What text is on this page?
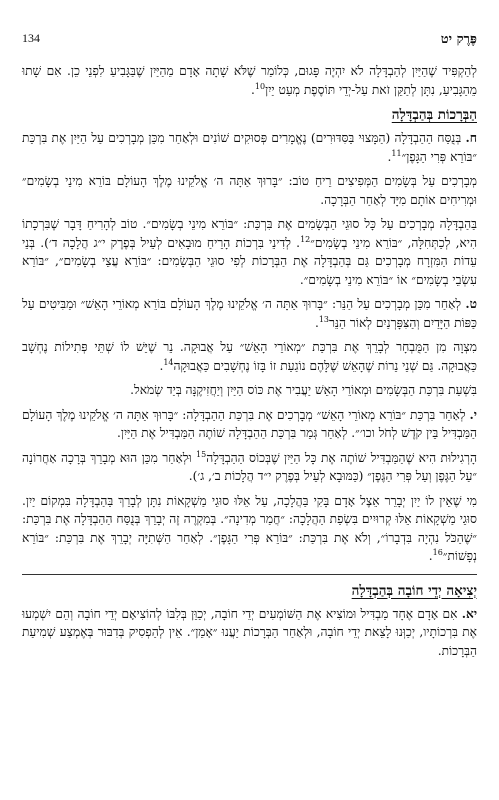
134	פֶּרֶק יט

לְהַקְפִּיד שֶׁהַיַּיִן לְהַבְדָּלָה לֹא יִהְיֶה פָּגוּם, כְּלוֹמַר שֶׁלֹּא שָׁתָה אָדָם מֵהַיַּיִן שֶׁבַּגָּבִיעַ לִפְנֵי כֵן. אִם שָׁתוּ מֵהַגָּבִיעַ, נִתָּן לְתַקֵּן זֹאת עַל-יְדֵי תּוֹסֶפֶת מְעַט יַיִן$^{10}$.

הַבְּרָכוֹת בְּהַבְדָּלָה

ח. בְּנֻסַּח הַהַבְדָּלָה (הַמָּצוּי בַּסִּדּוּרִים) נֶאֱמָרִים פְּסוּקִים שׁוֹנִים וּלְאַחַר מִכֵּן מְבָרְכִים עַל הַיַּיִן אֶת בִּרְכַּת ״בּוֹרֵא פְּרִי הַגָּפֶן״$^{11}$.

מְבָרְכִים עַל בְּשָׂמִים הַמְּפִיצִים רֵיחַ טוֹב: ״בָּרוּךְ אַתָּה ה׳ אֱלֹקֵינוּ מֶלֶךְ הָעוֹלָם בּוֹרֵא מִינֵי בְשָׂמִים״ וּמְרִיחִים אוֹתָם מִיָּד לְאַחַר הַבְּרָכָה.

בַּהַבְדָּלָה מְבָרְכִים עַל כָּל סוּגֵי הַבְּשָׂמִים אֶת בִּרְכַּת: ״בּוֹרֵא מִינֵי בְשָׂמִים״. טוֹב לְהָרִיחַ דָּבָר שֶׁבִּרְכָתוֹ הִיא, לְכַתְּחִלָּה, ״בּוֹרֵא מִינֵי בְשָׂמִים״$^{12}$. לְדִינֵי בִּרְכוֹת הָרֵיחַ מוּבָאִים לְעֵיל בְּפֶרֶק י״ג הֲלָכָה ד׳). בְּנֵי עֵדוֹת הַמִּזְרָח מְבָרְכִים גַּם בְּהַבְדָּלָה אֶת הַבְּרָכוֹת לְפִי סוּגֵי הַבְּשָׂמִים: ״בּוֹרֵא עֲצֵי בְשָׂמִים״, ״בּוֹרֵא עִשְׂבֵי בְשָׂמִים״ אוֹ ״בּוֹרֵא מִינֵי בְשָׂמִים״.

ט. לְאַחַר מִכֵּן מְבָרְכִים עַל הַנֵּר: ״בָּרוּךְ אַתָּה ה׳ אֱלֹקֵינוּ מֶלֶךְ הָעוֹלָם בּוֹרֵא מְאוֹרֵי הָאֵשׁ״ וּמַבִּיטִים עַל כַּפּוֹת הַיָּדַיִם וְהַצִּפָּרְנַיִם לְאוֹר הַנֵּר$^{13}$.

מִצְוָה מִן הַמֻּבְחָר לְבָרֵךְ אֶת בִּרְכַּת ״מְאוֹרֵי הָאֵשׁ״ עַל אֲבוּקָה. נֵר שֶׁיֵּשׁ לוֹ שְׁתֵּי פְּתִילוֹת נֶחְשָׁב כַּאֲבוּקָה. גַּם שְׁנֵי נֵרוֹת שֶׁהָאֵשׁ שֶׁלָּהֶם נוֹגַעַת זוֹ בָּזוֹ נֶחְשָׁבִים כַּאֲבוּקָה$^{14}$.

בִּשְׁעַת בִּרְכַּת הַבְּשָׂמִים וּמְאוֹרֵי הָאֵשׁ יַעֲבִיר אֶת כּוֹס הַיַּיִן וְיַחֲזִיקֶנָּה בְּיַד שְׂמֹאל.

י. לְאַחַר בִּרְכַּת ״בּוֹרֵא מְאוֹרֵי הָאֵשׁ״ מְבָרְכִים אֶת בִּרְכַּת הַהַבְדָּלָה: ״בָּרוּךְ אַתָּה ה׳ אֱלֹקֵינוּ מֶלֶךְ הָעוֹלָם הַמַּבְדִּיל בֵּין קֹדֶשׁ לְחֹל וכו׳״. לְאַחַר גְּמַר בִּרְכַּת הַהַבְדָּלָה שׁוֹתֶה הַמַּבְדִּיל אֶת הַיַּיִן.

הָרְגִילוּת הִיא שֶׁהַמַּבְדִּיל שׁוֹתֶה אֶת כָּל הַיַּיִן שֶׁבְּכוֹס הַהַבְדָּלָה$^{15}$ וּלְאַחַר מִכֵּן הוּא מְבָרֵךְ בְּרָכָה אַחֲרוֹנָה ״עַל הַגֶּפֶן וְעַל פְּרִי הַגֶּפֶן״ (כַּמּוּבָא לְעֵיל בְּפֶרֶק י״ד הֲלָכוֹת ב׳, ג׳).

מִי שֶׁאֵין לוֹ יַיִן יְבָרֵר אֵצֶל אָדָם בָּקִי בַּהֲלָכָה, עַל אֵלּוּ סוּגֵי מַשְׁקָאוֹת נִתָּן לְבָרֵךְ בַּהַבְדָּלָה בִּמְקוֹם יַיִן. סוּגֵי מַשְׁקָאוֹת אֵלּוּ קְרוּיִים בִּשְׂפַת הַהֲלָכָה: ״חֲמַר מְדִינָה״. בְּמִקְרֶה זֶה יְבָרֵךְ בְּנֻסַּח הַהַבְדָּלָה אֶת בִּרְכַּת: ״שֶׁהַכֹּל נִהְיָה בִּדְבָרוֹ״, וְלֹא אֶת בִּרְכַּת: ״בּוֹרֵא פְּרִי הַגָּפֶן״. לְאַחַר הַשְּׁתִיָּה יְבָרֵךְ אֶת בִּרְכַּת: ״בּוֹרֵא נְפָשׁוֹת״$^{16}$.

יְצִיאָה יְדֵי חוֹבָה בְּהַבְדָּלָה

יא. אִם אָדָם אֶחָד מַבְדִּיל וּמוֹצִיא אֶת הַשּׁוֹמְעִים יְדֵי חוֹבָה, יְכַוֵּן בְּלִבּוֹ לְהוֹצִיאָם יְדֵי חוֹבָה וְהֵם יִשְׁמְעוּ אֶת בִּרְכוֹתָיו, יְכַוְּנוּ לָצֵאת יְדֵי חוֹבָה, וּלְאַחַר הַבְּרָכוֹת יַעֲנוּ ״אָמֵן״. אֵין לְהַפְסִיק בְּדִבּוּר בְּאֶמְצַע שְׁמִיעַת הַבְּרָכוֹת.
